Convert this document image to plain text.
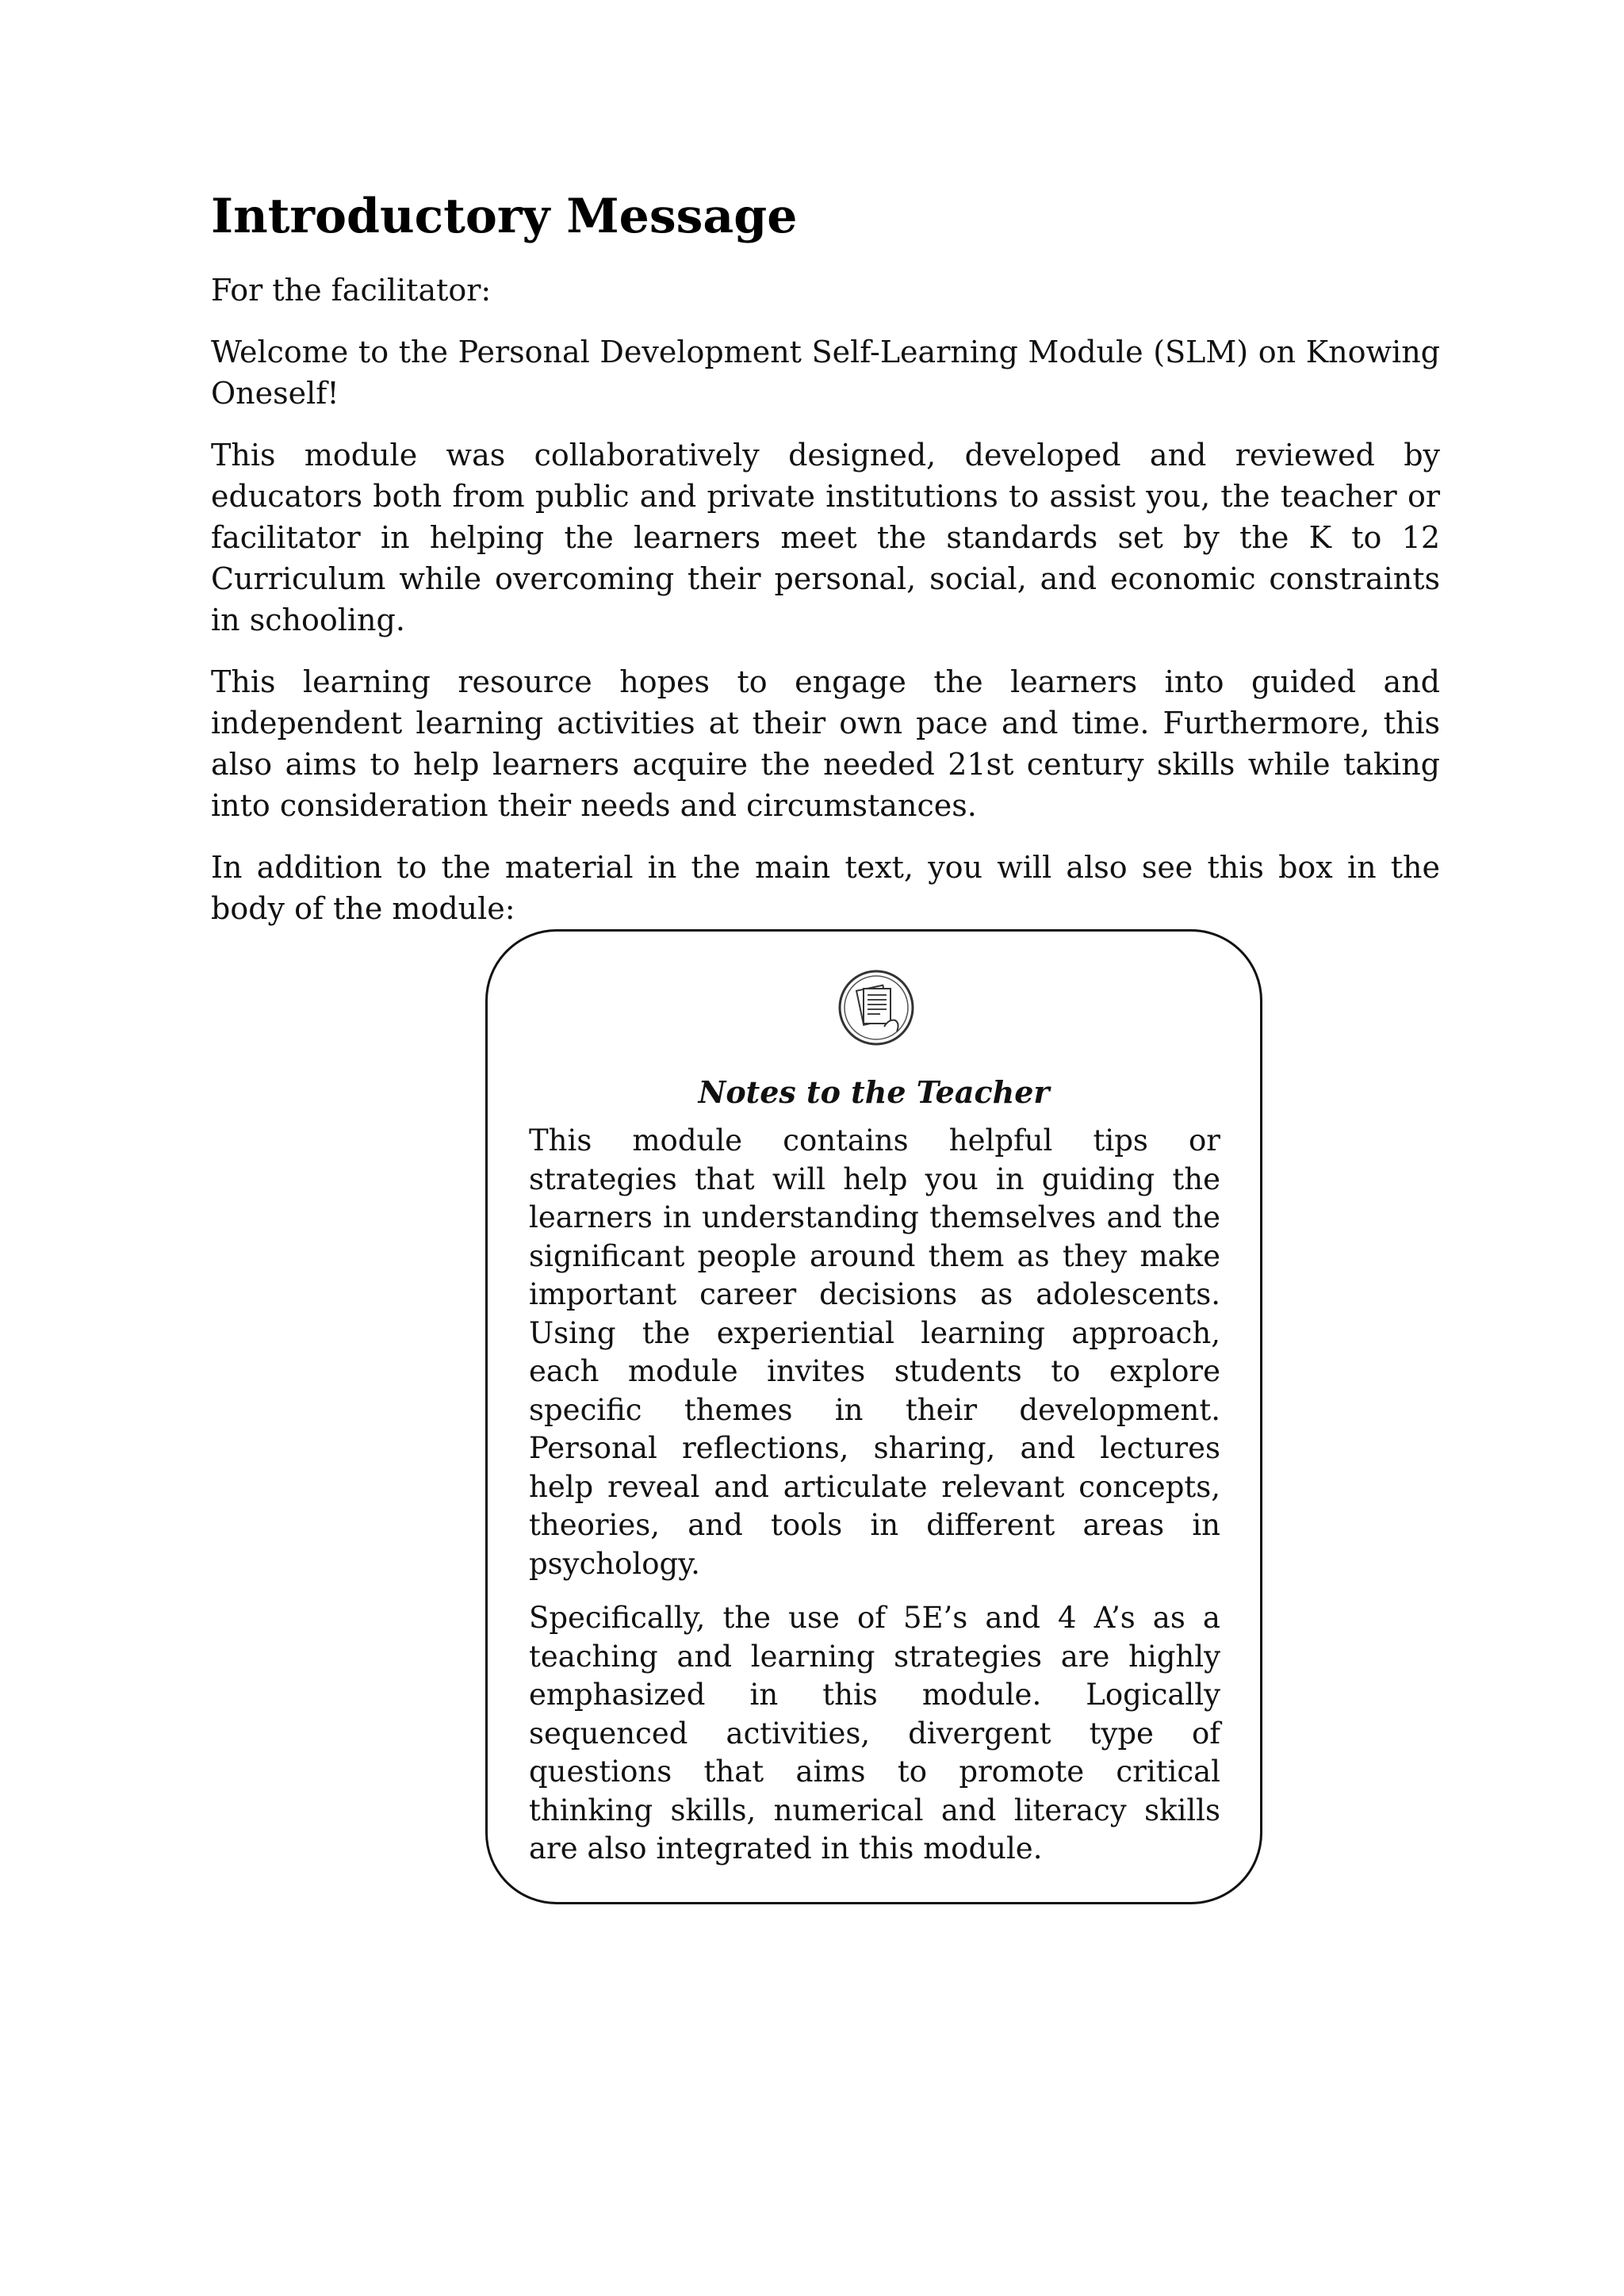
Introductory Message

For the facilitator:

Welcome to the Personal Development Self-Learning Module (SLM) on Knowing Oneself!

This module was collaboratively designed, developed and reviewed by educators both from public and private institutions to assist you, the teacher or facilitator in helping the learners meet the standards set by the K to 12 Curriculum while overcoming their personal, social, and economic constraints in schooling.

This learning resource hopes to engage the learners into guided and independent learning activities at their own pace and time. Furthermore, this also aims to help learners acquire the needed 21st century skills while taking into consideration their needs and circumstances.

In addition to the material in the main text, you will also see this box in the body of the module:

Notes to the Teacher

This module contains helpful tips or strategies that will help you in guiding the learners in understanding themselves and the significant people around them as they make important career decisions as adolescents. Using the experiential learning approach, each module invites students to explore specific themes in their development. Personal reflections, sharing, and lectures help reveal and articulate relevant concepts, theories, and tools in different areas in psychology.

Specifically, the use of 5E’s and 4 A’s as a teaching and learning strategies are highly emphasized in this module. Logically sequenced activities, divergent type of questions that aims to promote critical thinking skills, numerical and literacy skills are also integrated in this module.
